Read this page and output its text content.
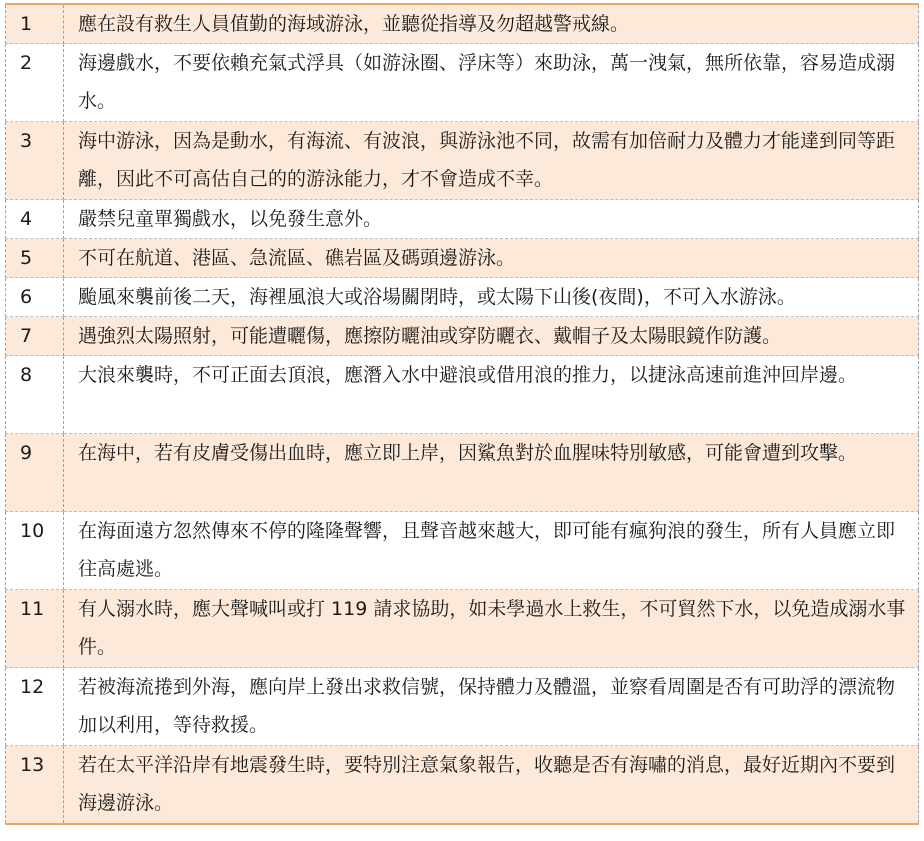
1	應在設有救生人員值勤的海域游泳，並聽從指導及勿超越警戒線。
2	海邊戲水，不要依賴充氣式浮具（如游泳圈、浮床等）來助泳，萬一洩氣，無所依靠，容易造成溺水。
3	海中游泳，因為是動水，有海流、有波浪，與游泳池不同，故需有加倍耐力及體力才能達到同等距離，因此不可高估自己的的游泳能力，才不會造成不幸。
4	嚴禁兒童單獨戲水，以免發生意外。
5	不可在航道、港區、急流區、礁岩區及碼頭邊游泳。
6	颱風來襲前後二天，海裡風浪大或浴場關閉時，或太陽下山後(夜間)，不可入水游泳。
7	遇強烈太陽照射，可能遭曬傷，應擦防曬油或穿防曬衣、戴帽子及太陽眼鏡作防護。
8	大浪來襲時，不可正面去頂浪，應潛入水中避浪或借用浪的推力，以捷泳高速前進沖回岸邊。
9	在海中，若有皮膚受傷出血時，應立即上岸，因鯊魚對於血腥味特別敏感，可能會遭到攻擊。
10	在海面遠方忽然傳來不停的隆隆聲響，且聲音越來越大，即可能有瘋狗浪的發生，所有人員應立即往高處逃。
11	有人溺水時，應大聲喊叫或打 119 請求協助，如未學過水上救生，不可貿然下水，以免造成溺水事件。
12	若被海流捲到外海，應向岸上發出求救信號，保持體力及體溫，並察看周圍是否有可助浮的漂流物加以利用，等待救援。
13	若在太平洋沿岸有地震發生時，要特別注意氣象報告，收聽是否有海嘯的消息，最好近期內不要到海邊游泳。
